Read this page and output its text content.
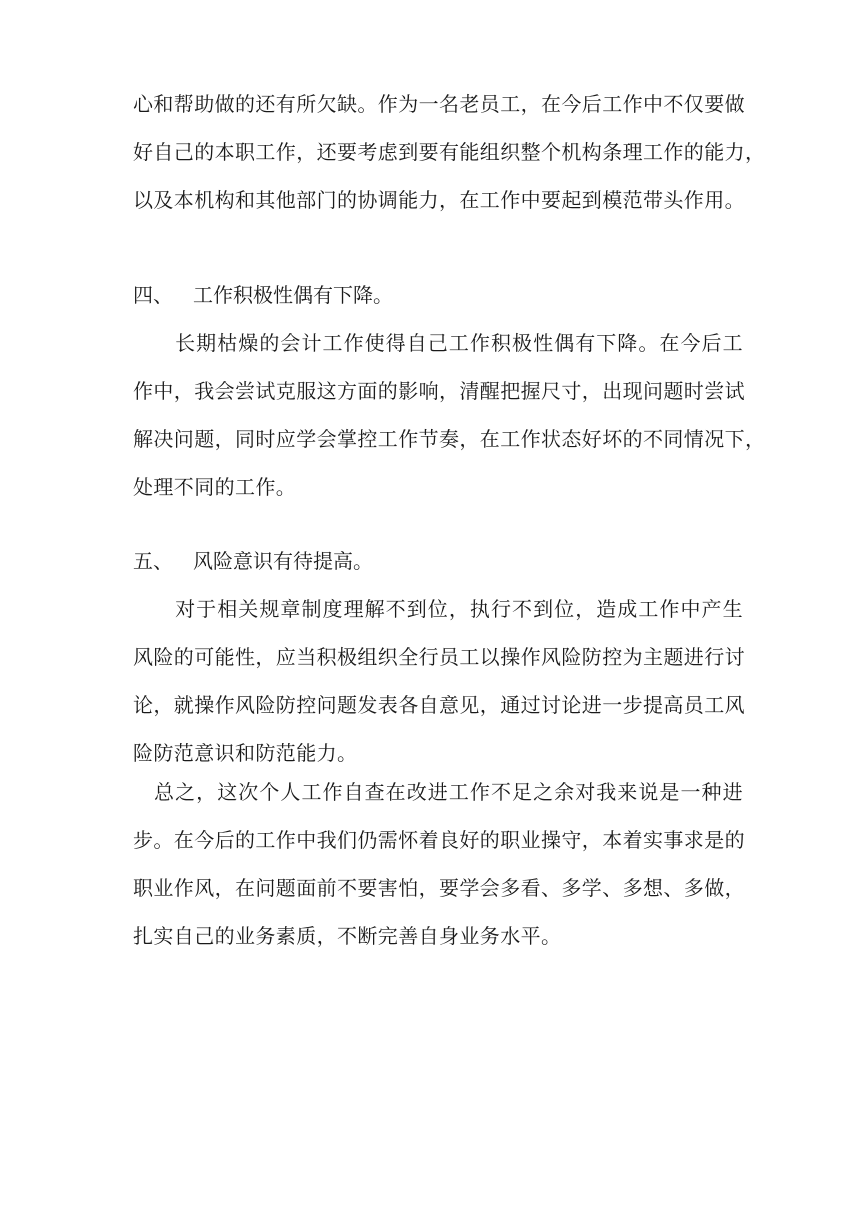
心和帮助做的还有所欠缺。作为一名老员工，在今后工作中不仅要做
好自己的本职工作，还要考虑到要有能组织整个机构条理工作的能力，
以及本机构和其他部门的协调能力，在工作中要起到模范带头作用。
四、 工作积极性偶有下降。
　　长期枯燥的会计工作使得自己工作积极性偶有下降。在今后工
作中，我会尝试克服这方面的影响，清醒把握尺寸，出现问题时尝试
解决问题，同时应学会掌控工作节奏，在工作状态好坏的不同情况下，
处理不同的工作。
五、 风险意识有待提高。
　　对于相关规章制度理解不到位，执行不到位，造成工作中产生
风险的可能性，应当积极组织全行员工以操作风险防控为主题进行讨
论，就操作风险防控问题发表各自意见，通过讨论进一步提高员工风
险防范意识和防范能力。
　总之，这次个人工作自查在改进工作不足之余对我来说是一种进
步。在今后的工作中我们仍需怀着良好的职业操守，本着实事求是的
职业作风，在问题面前不要害怕，要学会多看、多学、多想、多做，
扎实自己的业务素质，不断完善自身业务水平。
